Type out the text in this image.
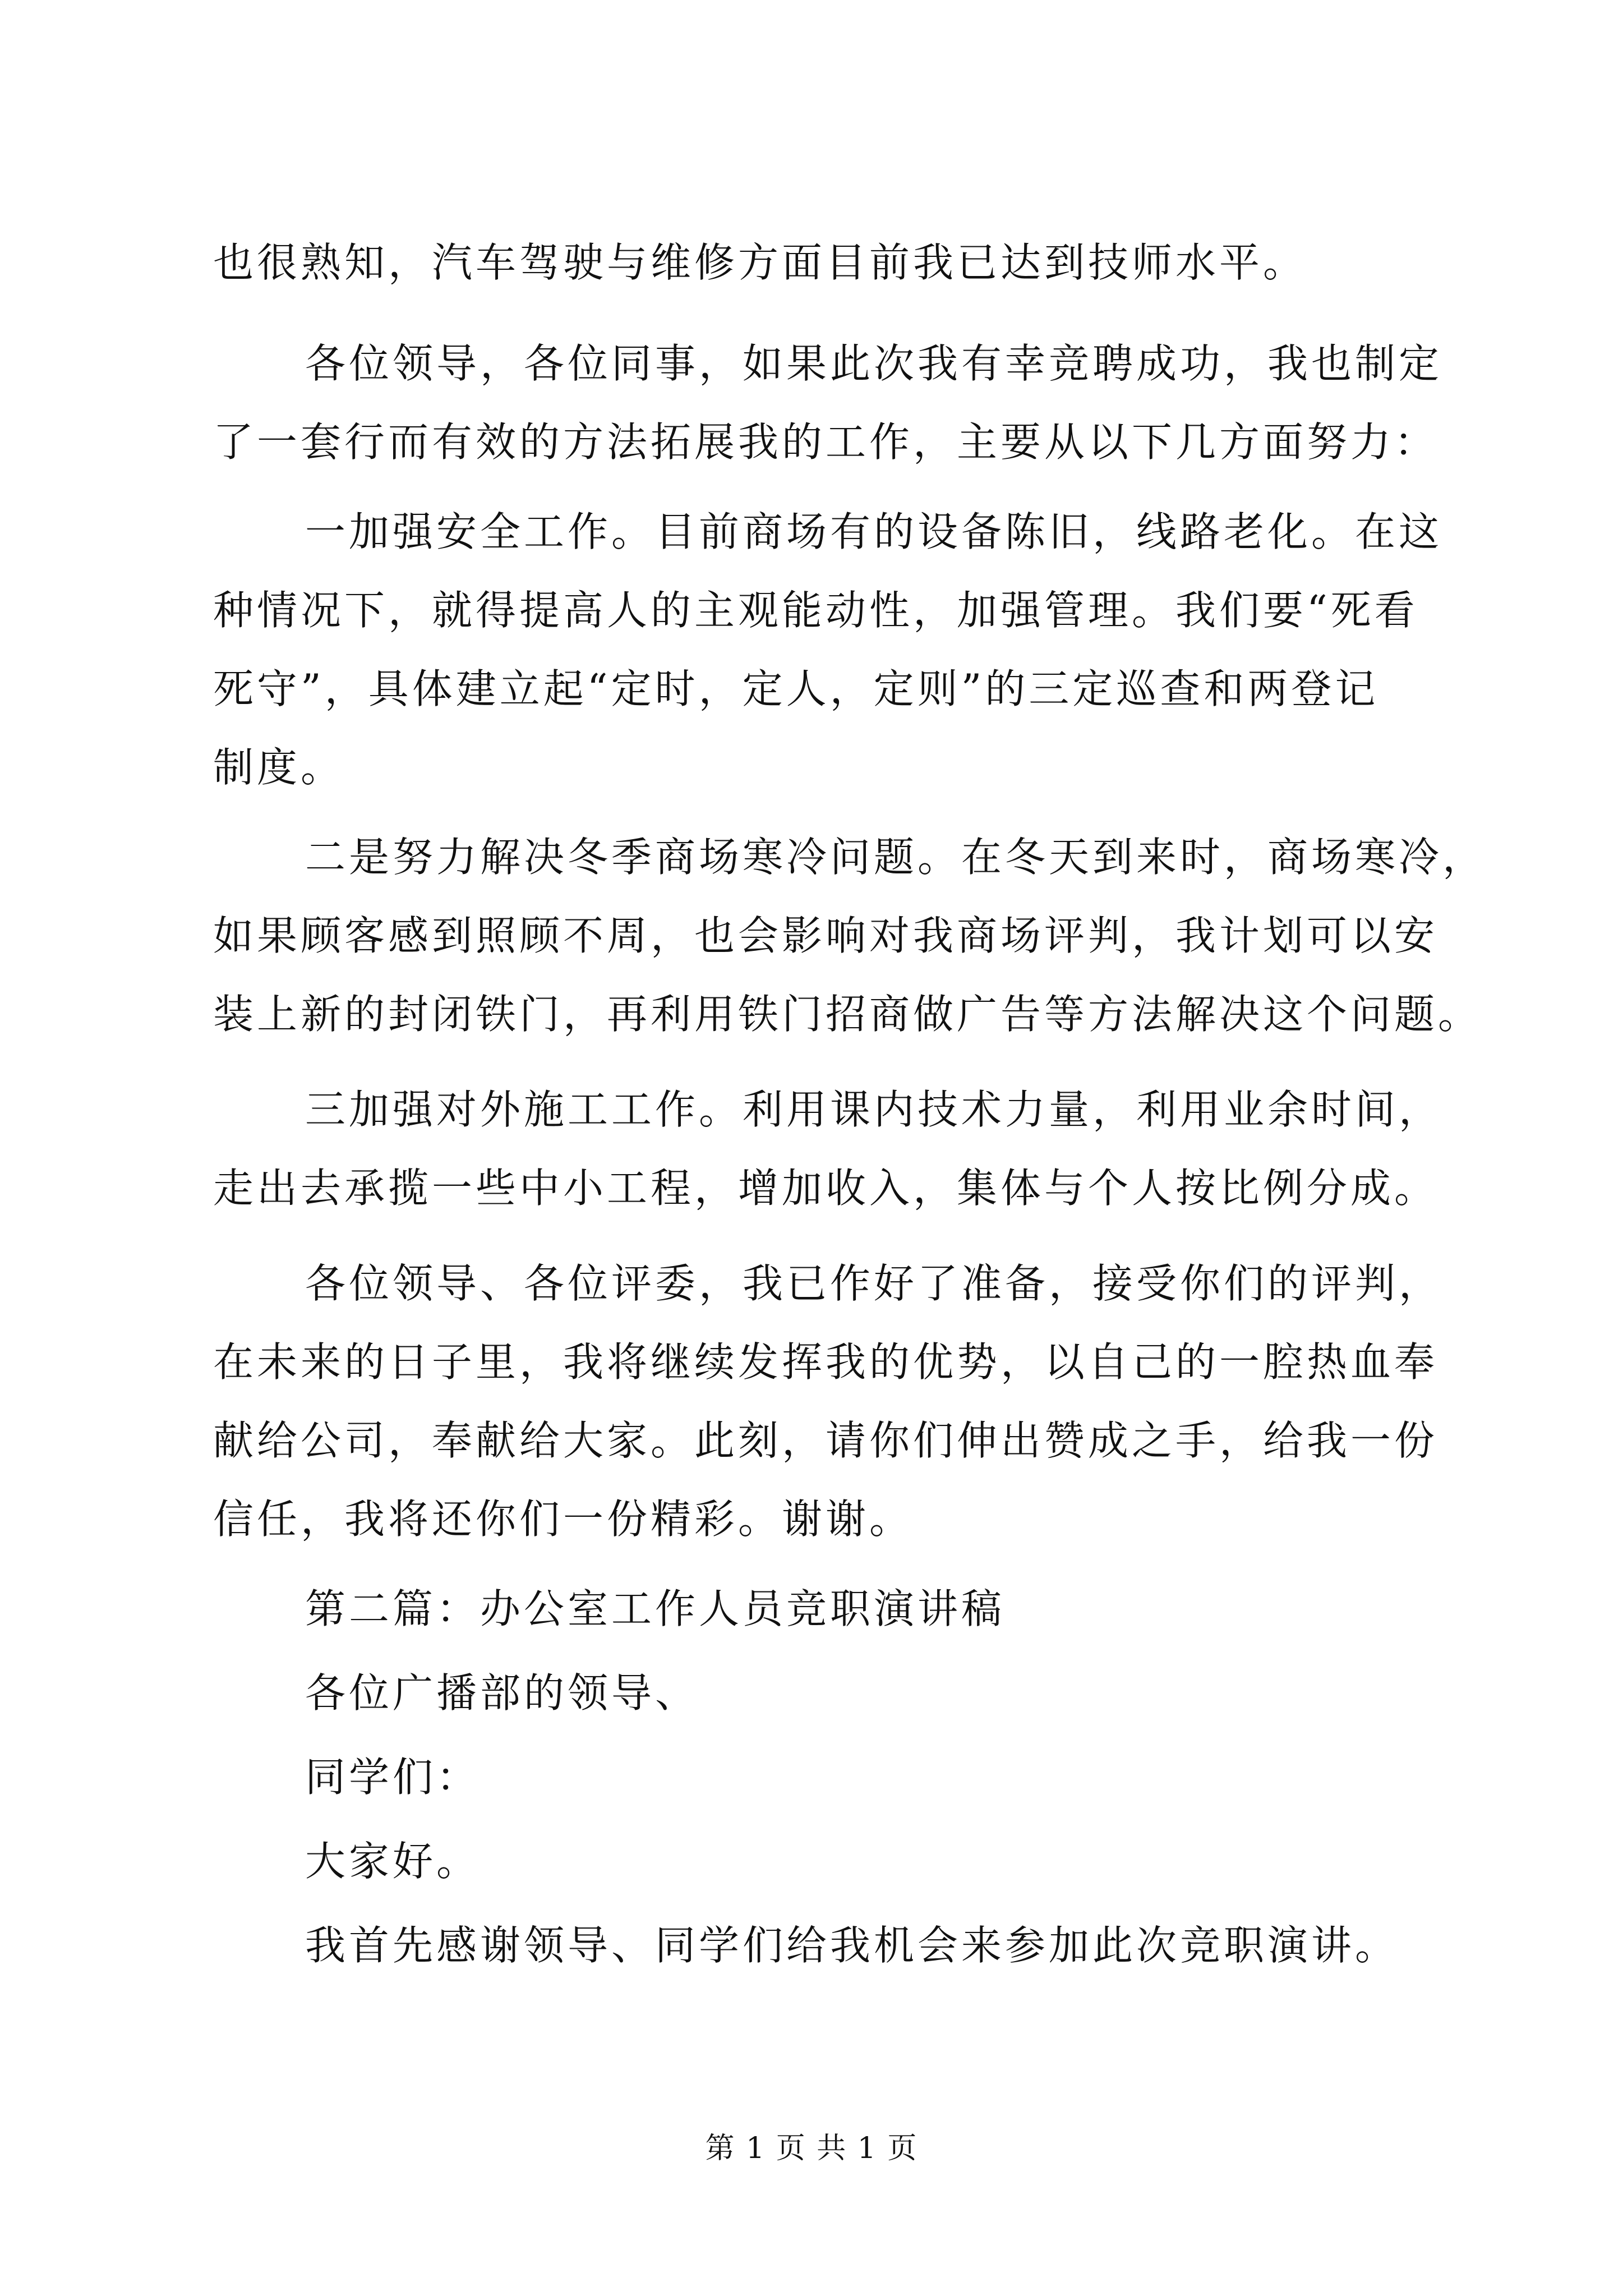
也很熟知，汽车驾驶与维修方面目前我已达到技师水平。
各位领导，各位同事，如果此次我有幸竞聘成功，我也制定
了一套行而有效的方法拓展我的工作，主要从以下几方面努力：
一加强安全工作。目前商场有的设备陈旧，线路老化。在这
种情况下，就得提高人的主观能动性，加强管理。我们要“死看
死守”，具体建立起“定时，定人，定则”的三定巡查和两登记
制度。
二是努力解决冬季商场寒冷问题。在冬天到来时，商场寒冷，
如果顾客感到照顾不周，也会影响对我商场评判，我计划可以安
装上新的封闭铁门，再利用铁门招商做广告等方法解决这个问题。
三加强对外施工工作。利用课内技术力量，利用业余时间，
走出去承揽一些中小工程，增加收入，集体与个人按比例分成。
各位领导、各位评委，我已作好了准备，接受你们的评判，
在未来的日子里，我将继续发挥我的优势，以自己的一腔热血奉
献给公司，奉献给大家。此刻，请你们伸出赞成之手，给我一份
信任，我将还你们一份精彩。谢谢。
第二篇：办公室工作人员竞职演讲稿
各位广播部的领导、
同学们：
大家好。
我首先感谢领导、同学们给我机会来参加此次竞职演讲。
第 1 页 共 1 页
